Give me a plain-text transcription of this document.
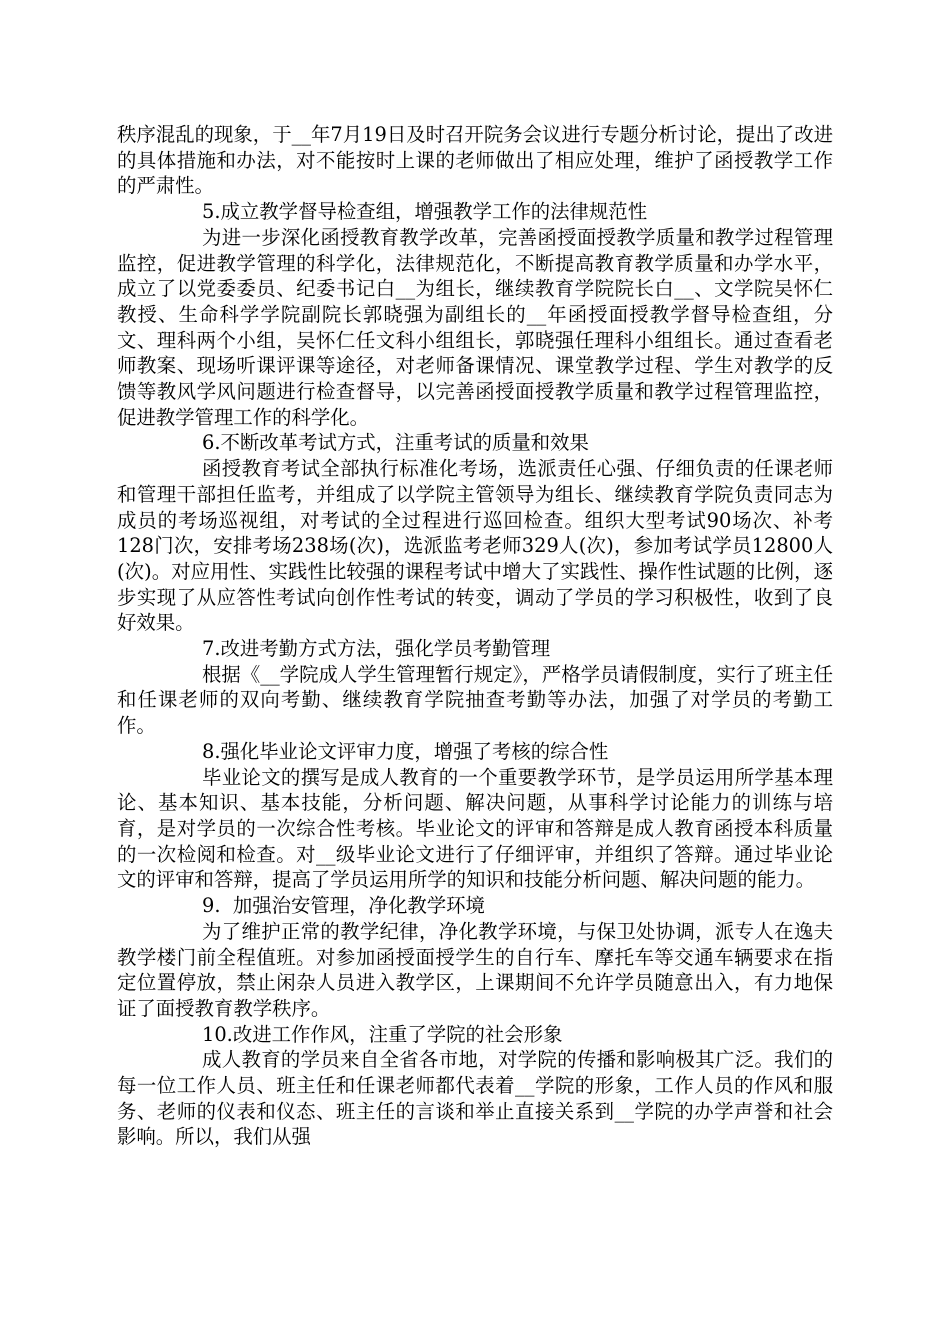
秩序混乱的现象，于__年7月19日及时召开院务会议进行专题分析讨论，提出了改进的具体措施和办法，对不能按时上课的老师做出了相应处理，维护了函授教学工作的严肃性。

5.成立教学督导检查组，增强教学工作的法律规范性

为进一步深化函授教育教学改革，完善函授面授教学质量和教学过程管理监控，促进教学管理的科学化，法律规范化，不断提高教育教学质量和办学水平，成立了以党委委员、纪委书记白__为组长，继续教育学院院长白__、文学院吴怀仁教授、生命科学学院副院长郭晓强为副组长的__年函授面授教学督导检查组，分文、理科两个小组，吴怀仁任文科小组组长，郭晓强任理科小组组长。通过查看老师教案、现场听课评课等途径，对老师备课情况、课堂教学过程、学生对教学的反馈等教风学风问题进行检查督导，以完善函授面授教学质量和教学过程管理监控，促进教学管理工作的科学化。

6.不断改革考试方式，注重考试的质量和效果

函授教育考试全部执行标准化考场，选派责任心强、仔细负责的任课老师和管理干部担任监考，并组成了以学院主管领导为组长、继续教育学院负责同志为成员的考场巡视组，对考试的全过程进行巡回检查。组织大型考试90场次、补考128门次，安排考场238场(次)，选派监考老师329人(次)，参加考试学员12800人(次)。对应用性、实践性比较强的课程考试中增大了实践性、操作性试题的比例，逐步实现了从应答性考试向创作性考试的转变，调动了学员的学习积极性，收到了良好效果。

7.改进考勤方式方法，强化学员考勤管理

根据《__学院成人学生管理暂行规定》，严格学员请假制度，实行了班主任和任课老师的双向考勤、继续教育学院抽查考勤等办法，加强了对学员的考勤工作。

8.强化毕业论文评审力度，增强了考核的综合性

毕业论文的撰写是成人教育的一个重要教学环节，是学员运用所学基本理论、基本知识、基本技能，分析问题、解决问题，从事科学讨论能力的训练与培育，是对学员的一次综合性考核。毕业论文的评审和答辩是成人教育函授本科质量的一次检阅和检查。对__级毕业论文进行了仔细评审，并组织了答辩。通过毕业论文的评审和答辩，提高了学员运用所学的知识和技能分析问题、解决问题的能力。

9.  加强治安管理，净化教学环境

为了维护正常的教学纪律，净化教学环境，与保卫处协调，派专人在逸夫教学楼门前全程值班。对参加函授面授学生的自行车、摩托车等交通车辆要求在指定位置停放，禁止闲杂人员进入教学区，上课期间不允许学员随意出入，有力地保证了面授教育教学秩序。

10.改进工作作风，注重了学院的社会形象

成人教育的学员来自全省各市地，对学院的传播和影响极其广泛。我们的每一位工作人员、班主任和任课老师都代表着__学院的形象，工作人员的作风和服务、老师的仪表和仪态、班主任的言谈和举止直接关系到__学院的办学声誉和社会影响。所以，我们从强
